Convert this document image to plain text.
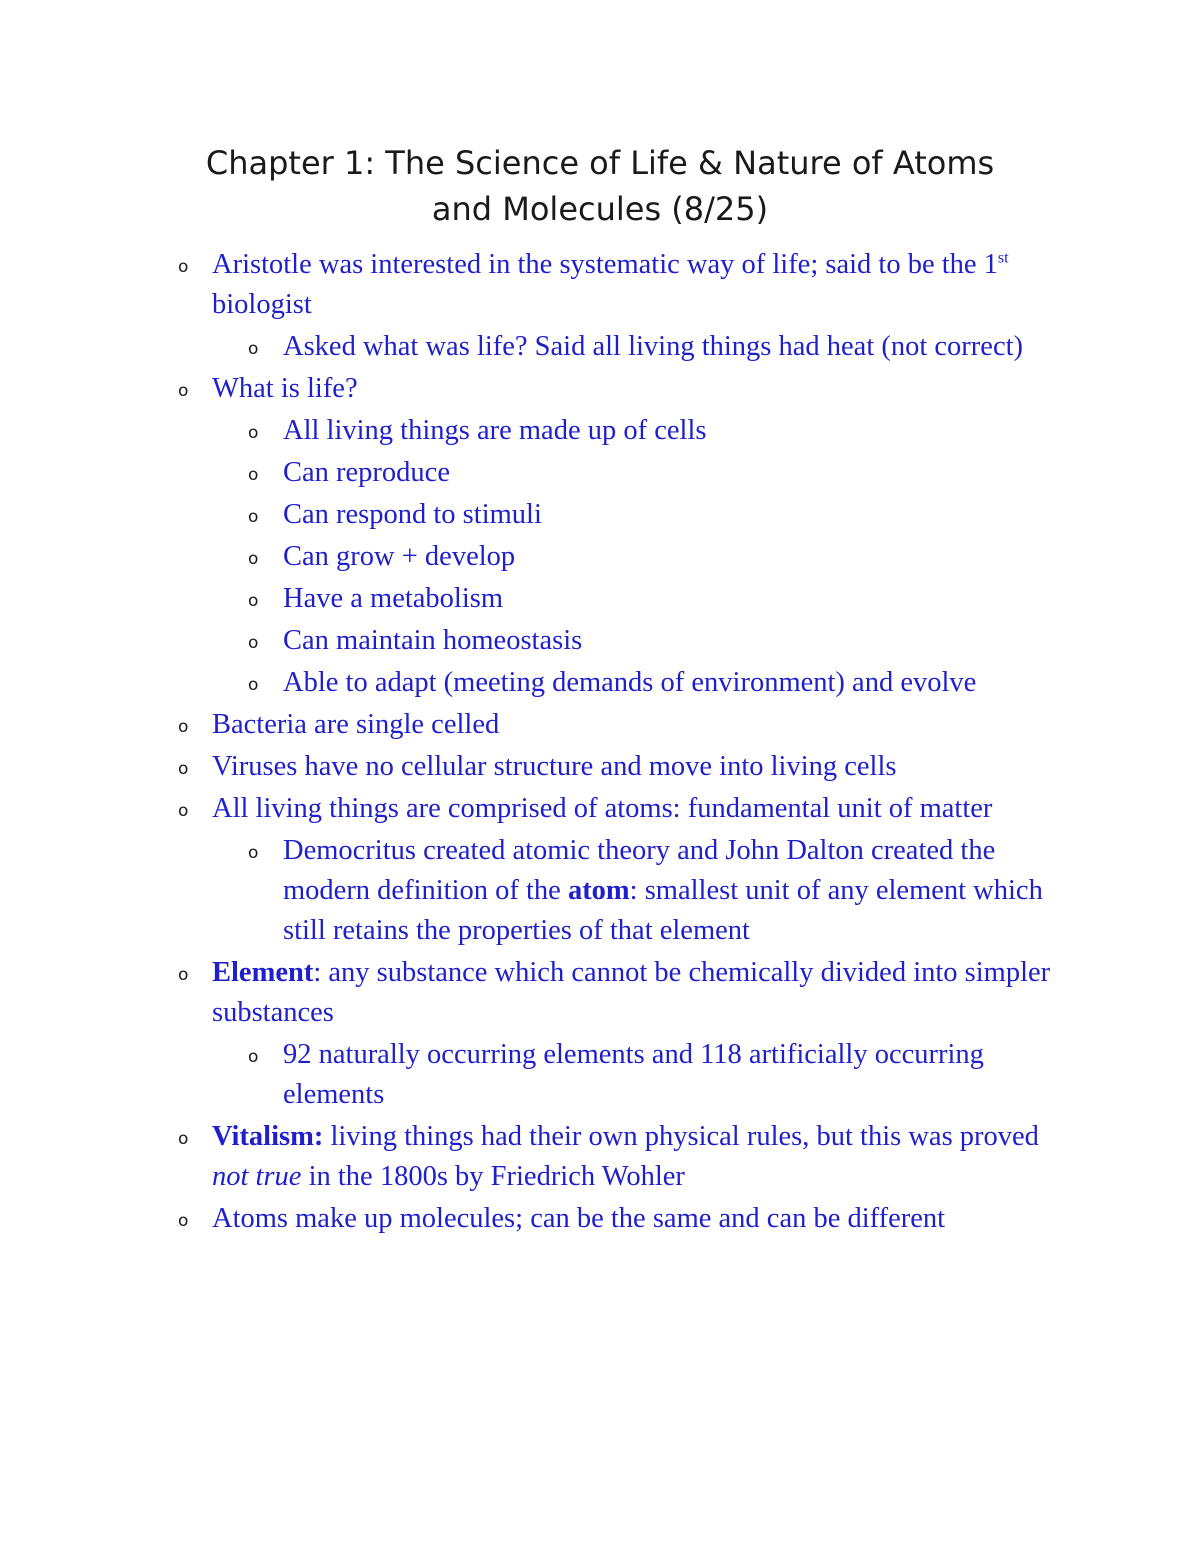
Chapter 1: The Science of Life & Nature of Atoms
and Molecules (8/25)
o Aristotle was interested in the systematic way of life; said to be the 1st biologist
o Asked what was life? Said all living things had heat (not correct)
o What is life?
o All living things are made up of cells
o Can reproduce
o Can respond to stimuli
o Can grow + develop
o Have a metabolism
o Can maintain homeostasis
o Able to adapt (meeting demands of environment) and evolve
o Bacteria are single celled
o Viruses have no cellular structure and move into living cells
o All living things are comprised of atoms: fundamental unit of matter
o Democritus created atomic theory and John Dalton created the modern definition of the atom: smallest unit of any element which still retains the properties of that element
o Element: any substance which cannot be chemically divided into simpler substances
o 92 naturally occurring elements and 118 artificially occurring elements
o Vitalism: living things had their own physical rules, but this was proved not true in the 1800s by Friedrich Wohler
o Atoms make up molecules; can be the same and can be different
